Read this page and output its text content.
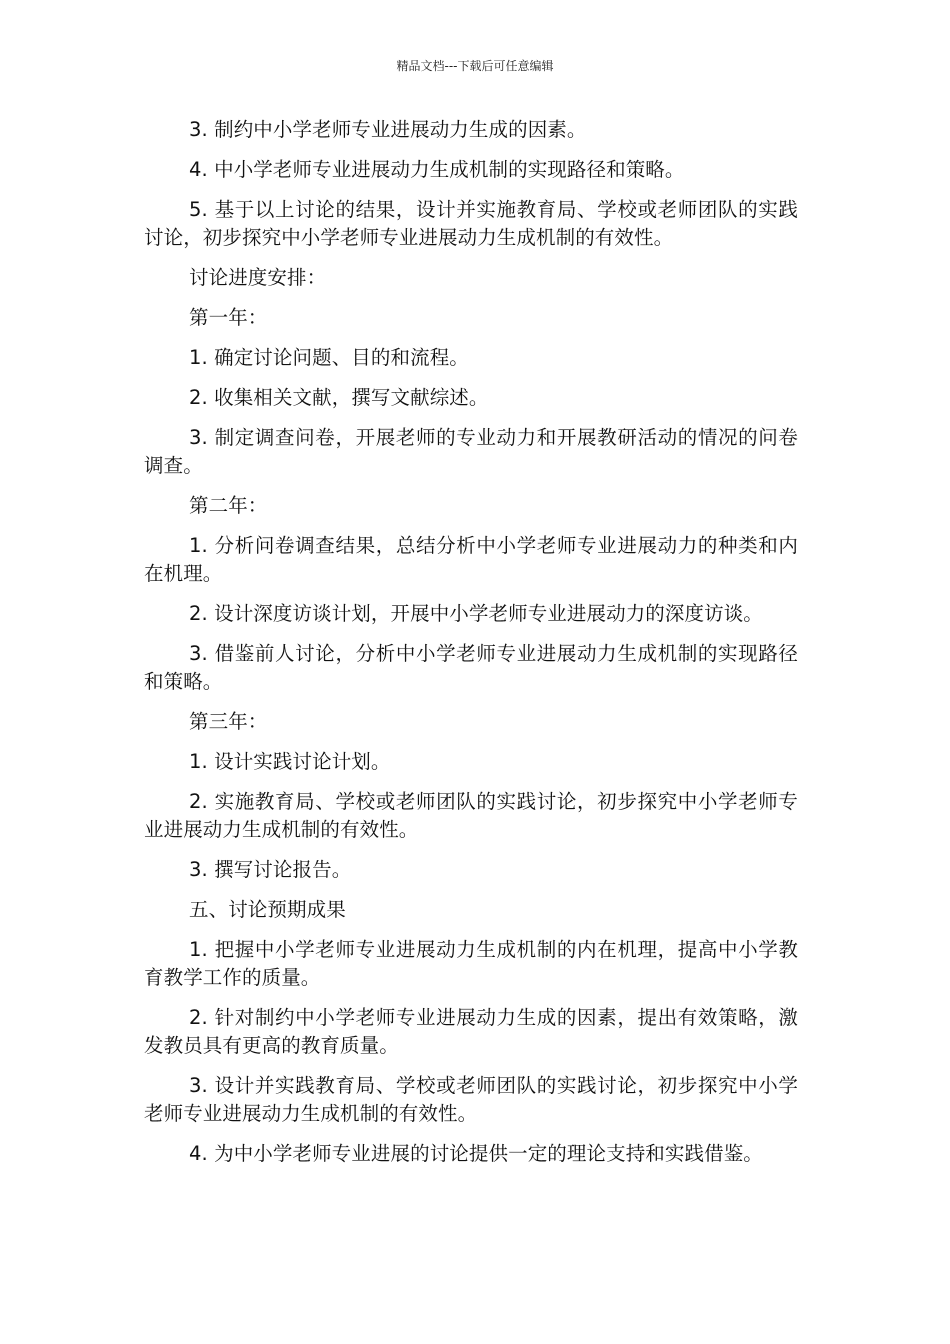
精品文档---下载后可任意编辑

3. 制约中小学老师专业进展动力生成的因素。

4. 中小学老师专业进展动力生成机制的实现路径和策略。

5. 基于以上讨论的结果，设计并实施教育局、学校或老师团队的实践讨论，初步探究中小学老师专业进展动力生成机制的有效性。

讨论进度安排：

第一年：

1. 确定讨论问题、目的和流程。

2. 收集相关文献，撰写文献综述。

3. 制定调查问卷，开展老师的专业动力和开展教研活动的情况的问卷调查。

第二年：

1. 分析问卷调查结果，总结分析中小学老师专业进展动力的种类和内在机理。

2. 设计深度访谈计划，开展中小学老师专业进展动力的深度访谈。

3. 借鉴前人讨论，分析中小学老师专业进展动力生成机制的实现路径和策略。

第三年：

1. 设计实践讨论计划。

2. 实施教育局、学校或老师团队的实践讨论，初步探究中小学老师专业进展动力生成机制的有效性。

3. 撰写讨论报告。

五、讨论预期成果

1. 把握中小学老师专业进展动力生成机制的内在机理，提高中小学教育教学工作的质量。

2. 针对制约中小学老师专业进展动力生成的因素，提出有效策略，激发教员具有更高的教育质量。

3. 设计并实践教育局、学校或老师团队的实践讨论，初步探究中小学老师专业进展动力生成机制的有效性。

4. 为中小学老师专业进展的讨论提供一定的理论支持和实践借鉴。
